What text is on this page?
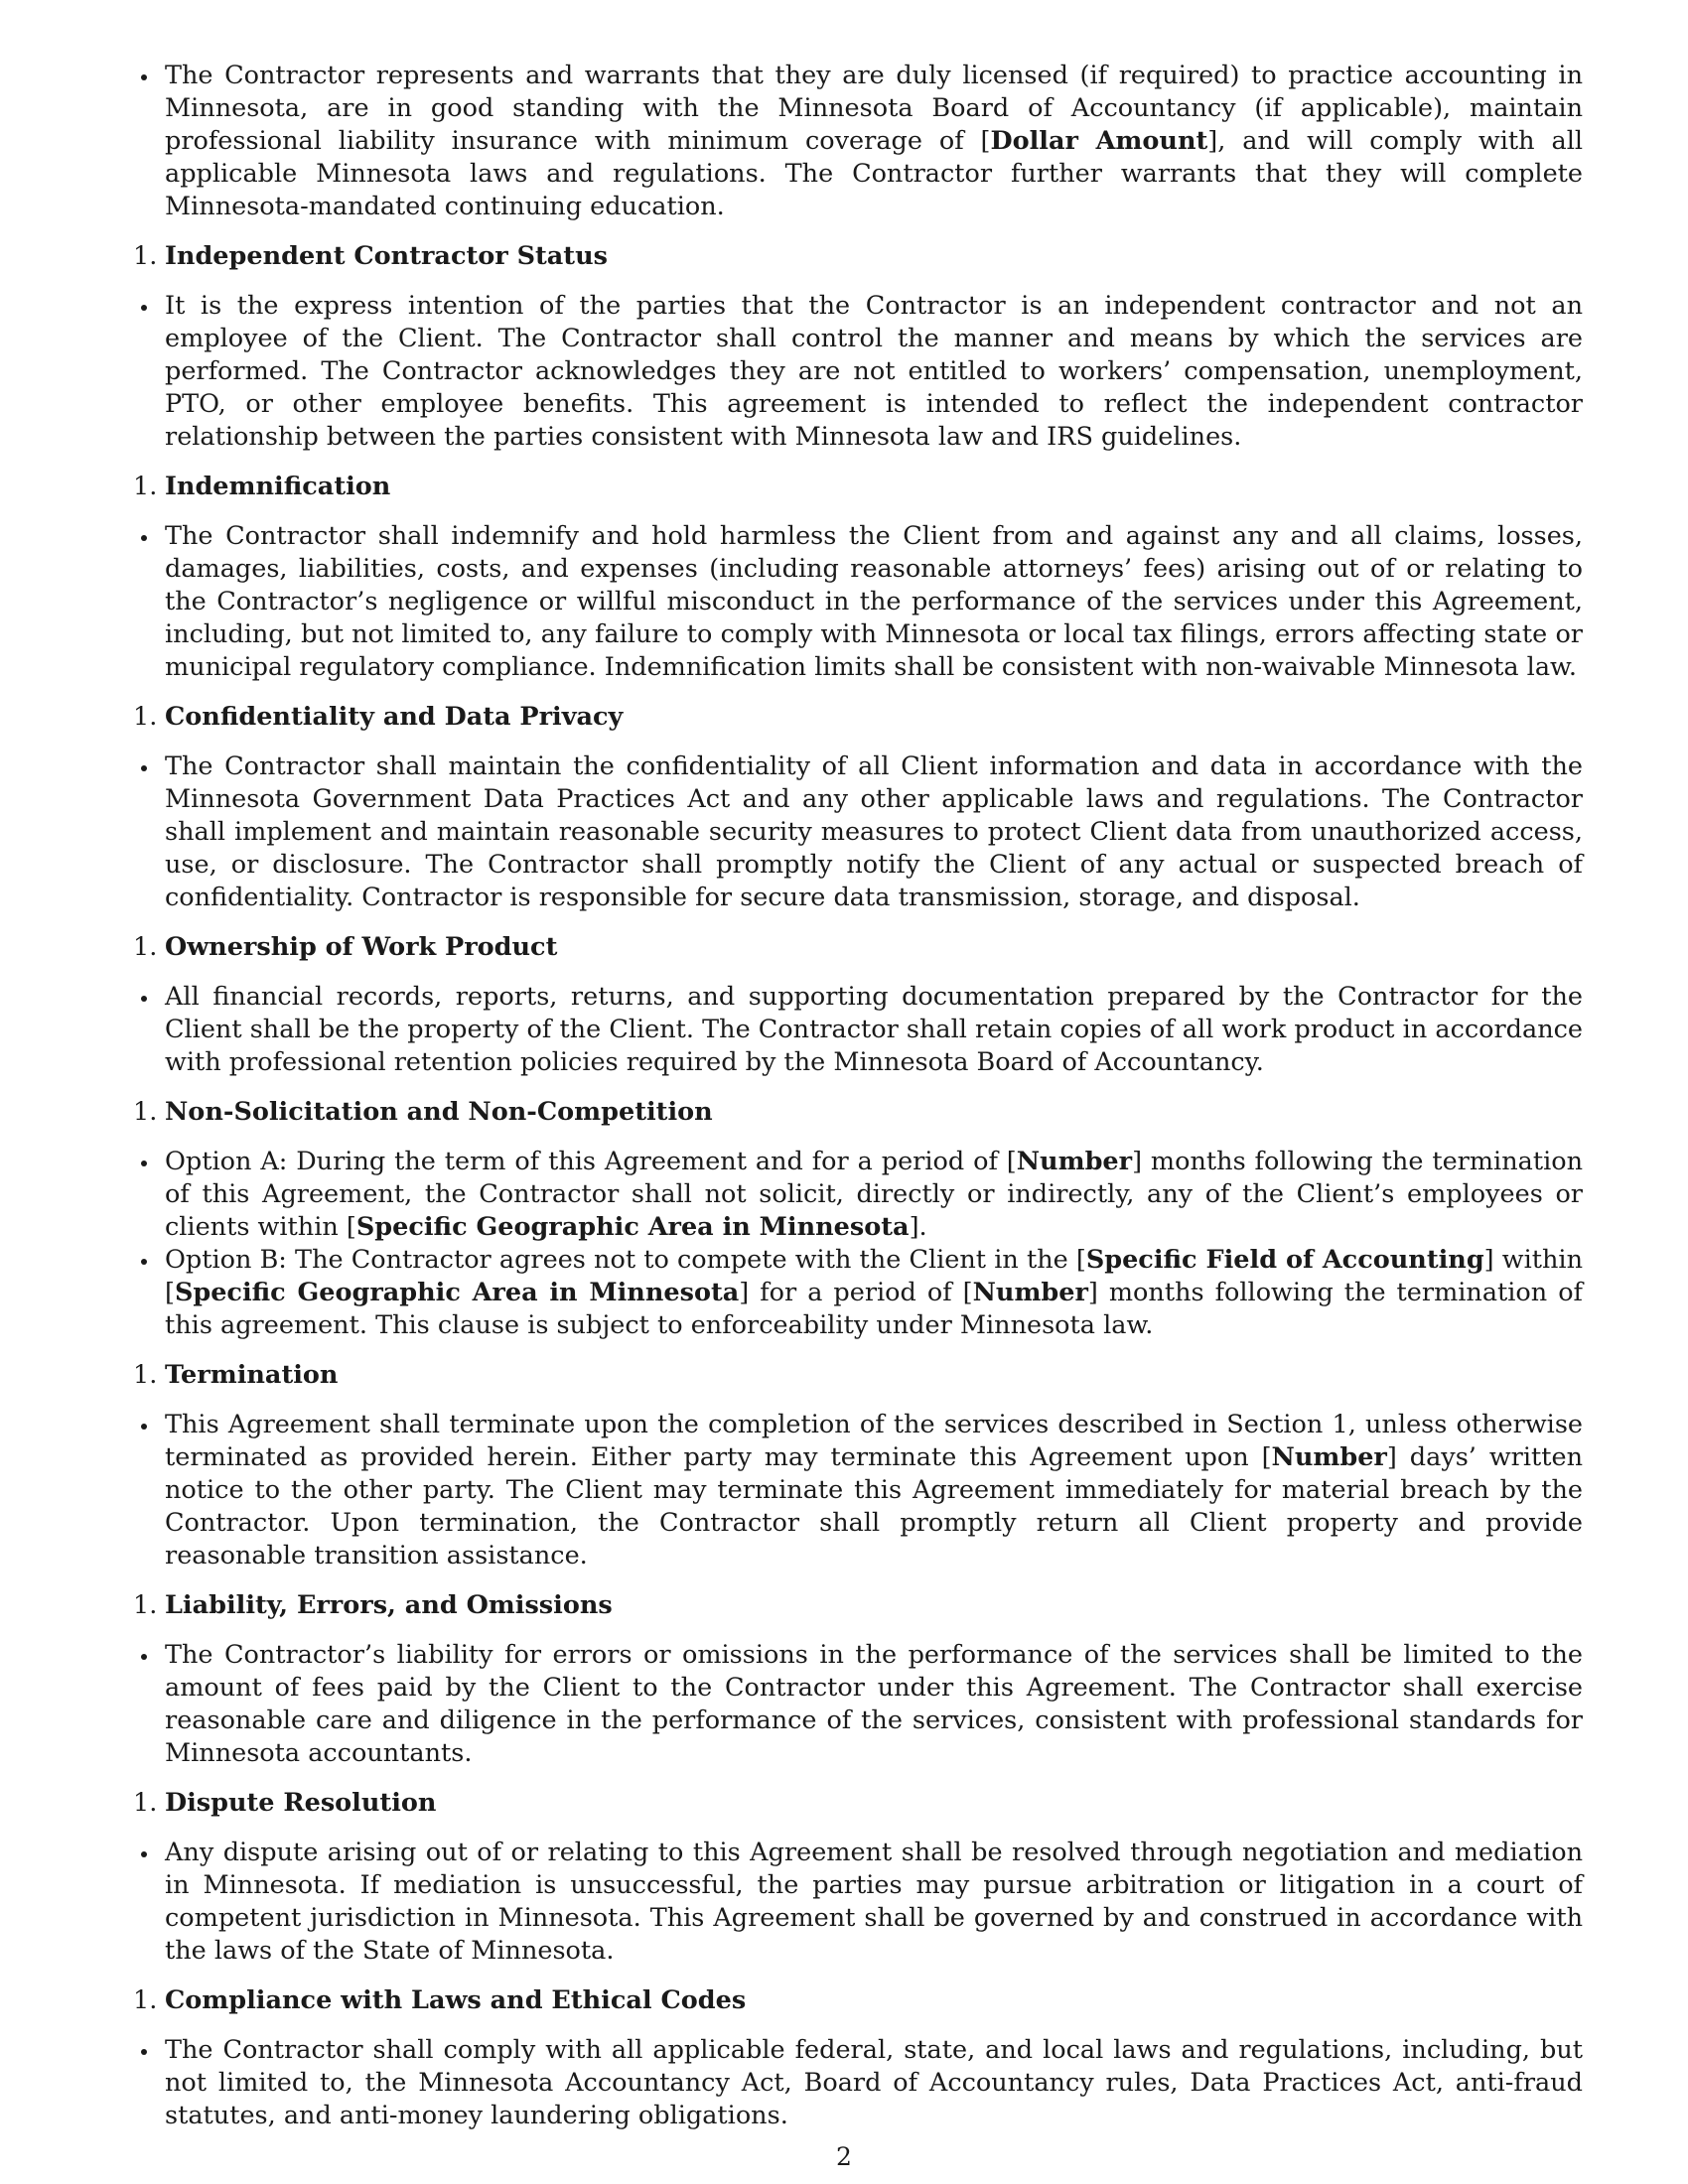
The Contractor represents and warrants that they are duly licensed (if required) to practice accounting in Minnesota, are in good standing with the Minnesota Board of Accountancy (if applicable), maintain professional liability insurance with minimum coverage of [Dollar Amount], and will comply with all applicable Minnesota laws and regulations. The Contractor further warrants that they will complete Minnesota-mandated continuing education.
1. Independent Contractor Status
It is the express intention of the parties that the Contractor is an independent contractor and not an employee of the Client. The Contractor shall control the manner and means by which the services are performed. The Contractor acknowledges they are not entitled to workers’ compensation, unemployment, PTO, or other employee benefits. This agreement is intended to reflect the independent contractor relationship between the parties consistent with Minnesota law and IRS guidelines.
1. Indemnification
The Contractor shall indemnify and hold harmless the Client from and against any and all claims, losses, damages, liabilities, costs, and expenses (including reasonable attorneys’ fees) arising out of or relating to the Contractor’s negligence or willful misconduct in the performance of the services under this Agreement, including, but not limited to, any failure to comply with Minnesota or local tax filings, errors affecting state or municipal regulatory compliance. Indemnification limits shall be consistent with non-waivable Minnesota law.
1. Confidentiality and Data Privacy
The Contractor shall maintain the confidentiality of all Client information and data in accordance with the Minnesota Government Data Practices Act and any other applicable laws and regulations. The Contractor shall implement and maintain reasonable security measures to protect Client data from unauthorized access, use, or disclosure. The Contractor shall promptly notify the Client of any actual or suspected breach of confidentiality. Contractor is responsible for secure data transmission, storage, and disposal.
1. Ownership of Work Product
All financial records, reports, returns, and supporting documentation prepared by the Contractor for the Client shall be the property of the Client. The Contractor shall retain copies of all work product in accordance with professional retention policies required by the Minnesota Board of Accountancy.
1. Non-Solicitation and Non-Competition
Option A: During the term of this Agreement and for a period of [Number] months following the termination of this Agreement, the Contractor shall not solicit, directly or indirectly, any of the Client’s employees or clients within [Specific Geographic Area in Minnesota].
Option B: The Contractor agrees not to compete with the Client in the [Specific Field of Accounting] within [Specific Geographic Area in Minnesota] for a period of [Number] months following the termination of this agreement. This clause is subject to enforceability under Minnesota law.
1. Termination
This Agreement shall terminate upon the completion of the services described in Section 1, unless otherwise terminated as provided herein. Either party may terminate this Agreement upon [Number] days’ written notice to the other party. The Client may terminate this Agreement immediately for material breach by the Contractor. Upon termination, the Contractor shall promptly return all Client property and provide reasonable transition assistance.
1. Liability, Errors, and Omissions
The Contractor’s liability for errors or omissions in the performance of the services shall be limited to the amount of fees paid by the Client to the Contractor under this Agreement. The Contractor shall exercise reasonable care and diligence in the performance of the services, consistent with professional standards for Minnesota accountants.
1. Dispute Resolution
Any dispute arising out of or relating to this Agreement shall be resolved through negotiation and mediation in Minnesota. If mediation is unsuccessful, the parties may pursue arbitration or litigation in a court of competent jurisdiction in Minnesota. This Agreement shall be governed by and construed in accordance with the laws of the State of Minnesota.
1. Compliance with Laws and Ethical Codes
The Contractor shall comply with all applicable federal, state, and local laws and regulations, including, but not limited to, the Minnesota Accountancy Act, Board of Accountancy rules, Data Practices Act, anti-fraud statutes, and anti-money laundering obligations.
2
